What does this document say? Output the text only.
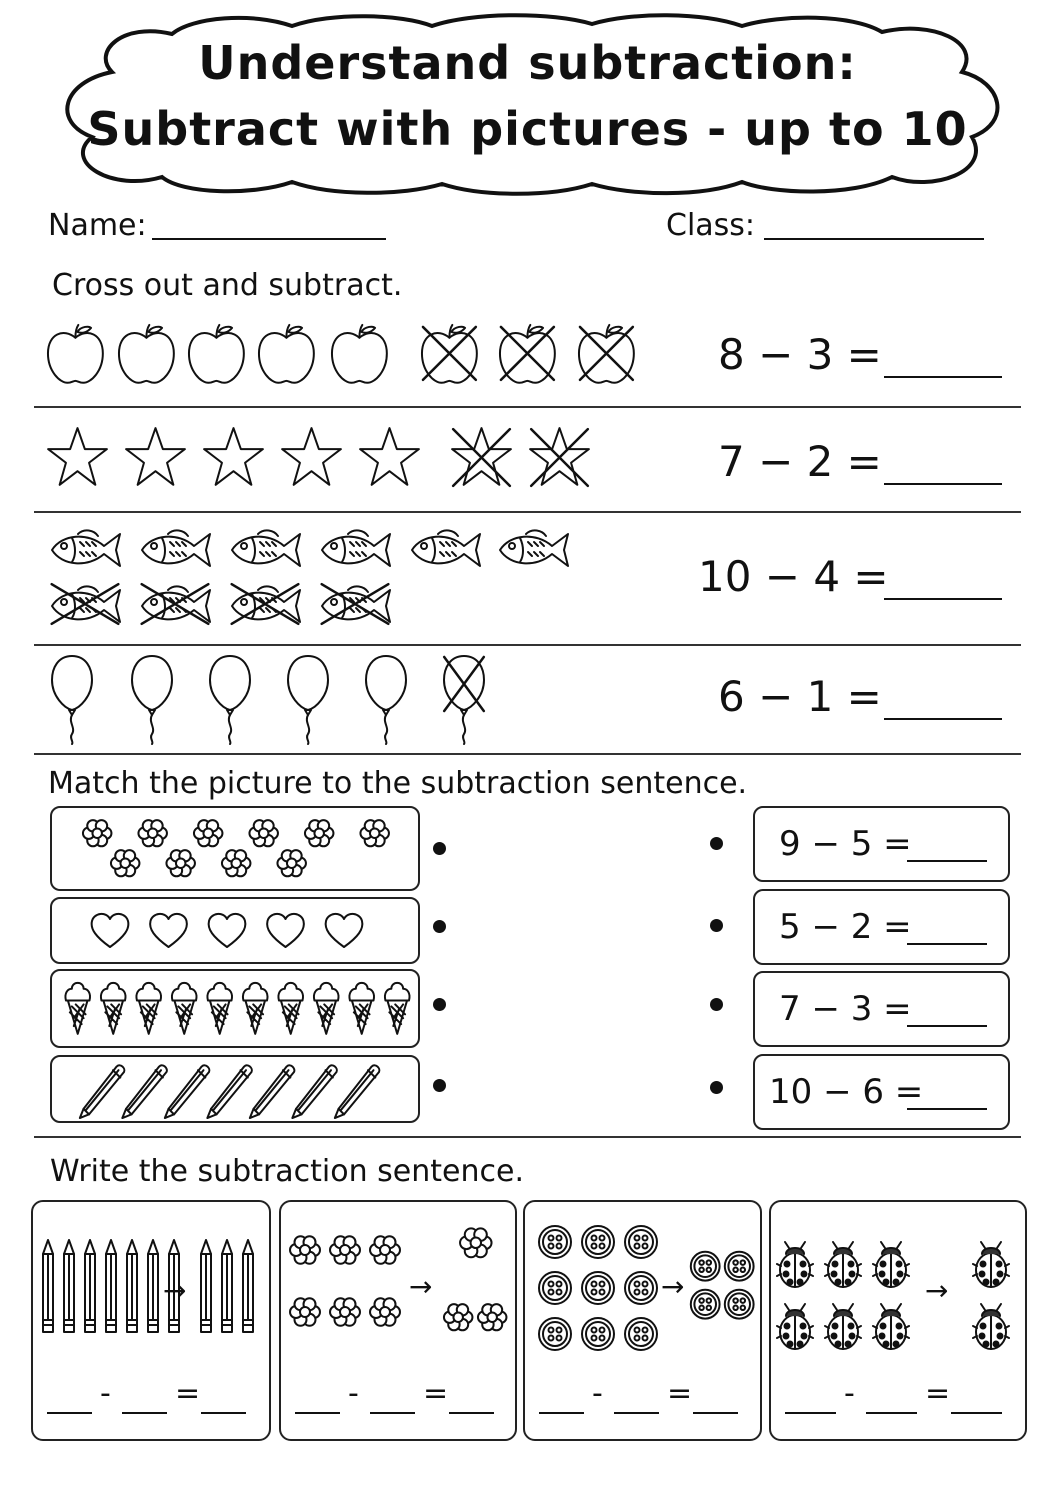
Understand subtraction:
Subtract with pictures - up to 10
Name:	Class:
Cross out and subtract.
8 − 3 =
7 − 2 =
10 − 4 =
6 − 1 =
Match the picture to the subtraction sentence.
9 − 5 =
5 − 2 =
7 − 3 =
10 − 6 =
Write the subtraction sentence.
→
- =
→
- =
→
- =
→
- =
